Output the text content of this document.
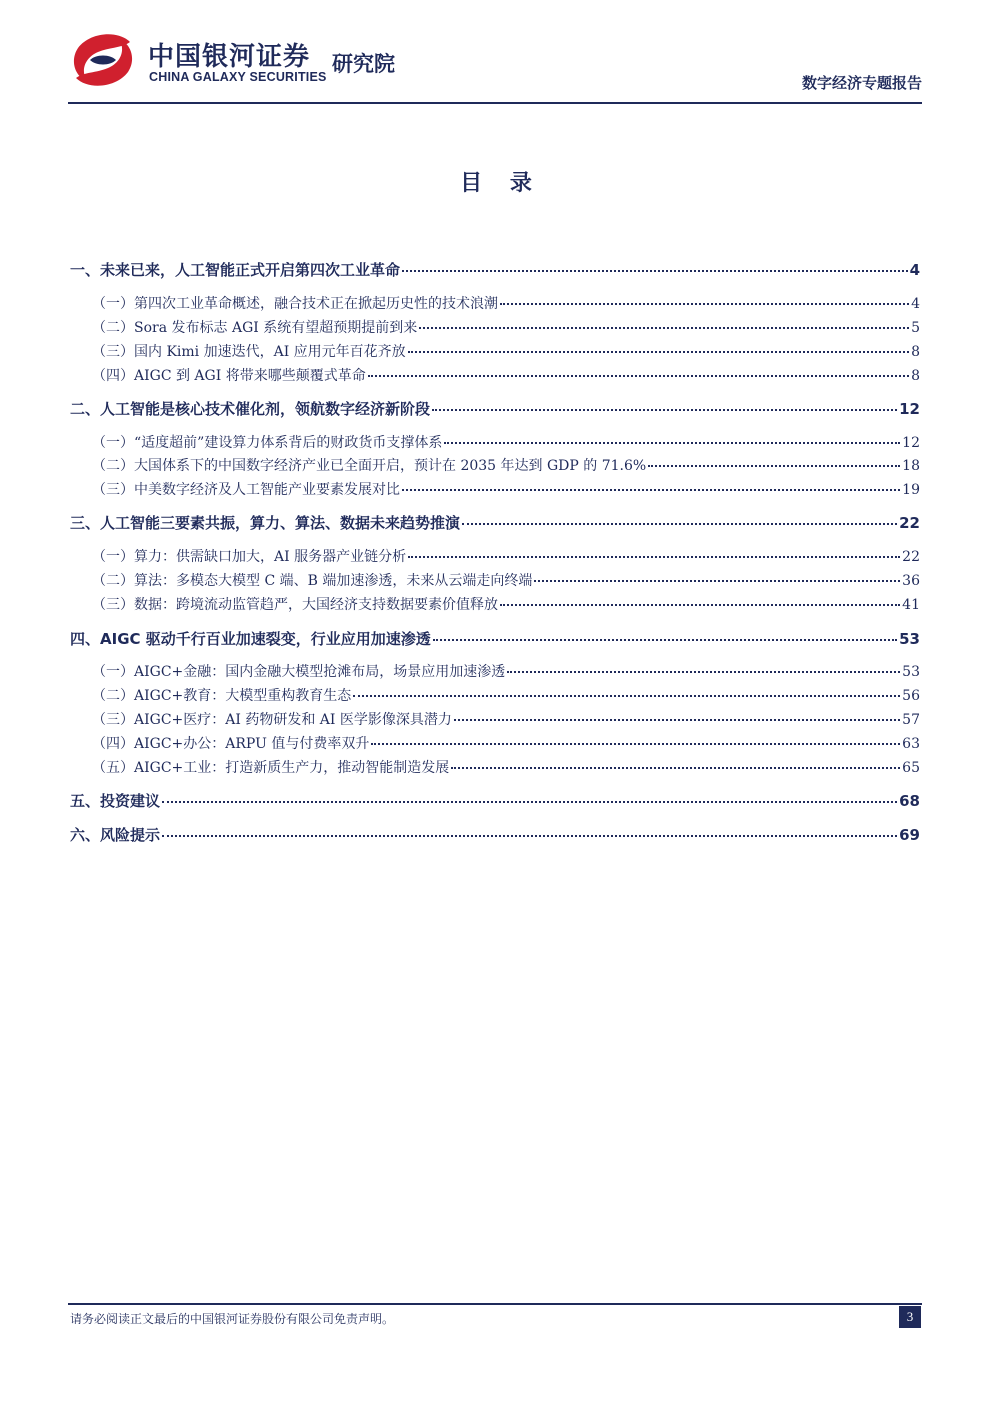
中国银河证券
CHINA GALAXY SECURITIES
研究院
数字经济专题报告
目 录
一、未来已来，人工智能正式开启第四次工业革命	4
（一）第四次工业革命概述，融合技术正在掀起历史性的技术浪潮	4
（二）Sora 发布标志 AGI 系统有望超预期提前到来	5
（三）国内 Kimi 加速迭代，AI 应用元年百花齐放	8
（四）AIGC 到 AGI 将带来哪些颠覆式革命	8
二、人工智能是核心技术催化剂，领航数字经济新阶段	12
（一）“适度超前”建设算力体系背后的财政货币支撑体系	12
（二）大国体系下的中国数字经济产业已全面开启，预计在 2035 年达到 GDP 的 71.6%	18
（三）中美数字经济及人工智能产业要素发展对比	19
三、人工智能三要素共振，算力、算法、数据未来趋势推演	22
（一）算力：供需缺口加大，AI 服务器产业链分析	22
（二）算法：多模态大模型 C 端、B 端加速渗透，未来从云端走向终端	36
（三）数据：跨境流动监管趋严，大国经济支持数据要素价值释放	41
四、AIGC 驱动千行百业加速裂变，行业应用加速渗透	53
（一）AIGC+金融：国内金融大模型抢滩布局，场景应用加速渗透	53
（二）AIGC+教育：大模型重构教育生态	56
（三）AIGC+医疗：AI 药物研发和 AI 医学影像深具潜力	57
（四）AIGC+办公：ARPU 值与付费率双升	63
（五）AIGC+工业：打造新质生产力，推动智能制造发展	65
五、投资建议	68
六、风险提示	69
请务必阅读正文最后的中国银河证券股份有限公司免责声明。	3
